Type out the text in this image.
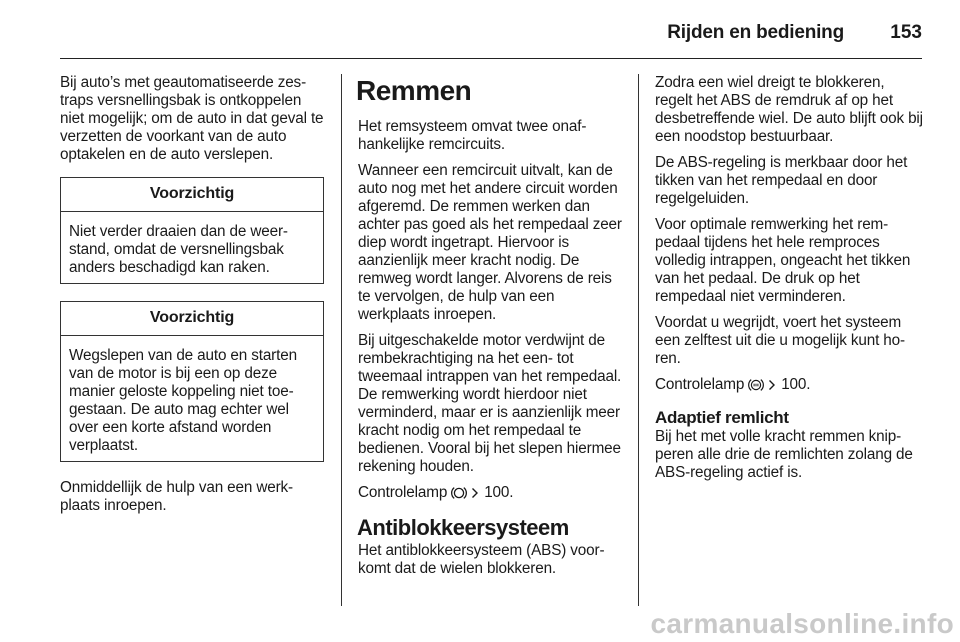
Rijden en bediening 153

Bij auto’s met geautomatiseerde zestraps versnellingsbak is ontkoppelen niet mogelijk; om de auto in dat geval te verzetten de voorkant van de auto optakelen en de auto verslepen.

Voorzichtig

Niet verder draaien dan de weerstand, omdat de versnellingsbak anders beschadigd kan raken.

Voorzichtig

Wegslepen van de auto en starten van de motor is bij een op deze manier geloste koppeling niet toegestaan. De auto mag echter wel over een korte afstand worden verplaatst.

Onmiddellijk de hulp van een werkplaats inroepen.

Remmen

Het remsysteem omvat twee onafhankelijke remcircuits.

Wanneer een remcircuit uitvalt, kan de auto nog met het andere circuit worden afgeremd. De remmen werken dan achter pas goed als het rempedaal zeer diep wordt ingetrapt. Hiervoor is aanzienlijk meer kracht nodig. De remweg wordt langer. Alvorens de reis te vervolgen, de hulp van een werkplaats inroepen.

Bij uitgeschakelde motor verdwijnt de rembekrachtiging na het een- tot tweemaal intrappen van het rempedaal. De remwerking wordt hierdoor niet verminderd, maar er is aanzienlijk meer kracht nodig om het rempedaal te bedienen. Vooral bij het slepen hiermee rekening houden.

Controlelamp 100.

Antiblokkeersysteem

Het antiblokkeersysteem (ABS) voorkomt dat de wielen blokkeren.

Zodra een wiel dreigt te blokkeren, regelt het ABS de remdruk af op het desbetreffende wiel. De auto blijft ook bij een noodstop bestuurbaar.

De ABS-regeling is merkbaar door het tikken van het rempedaal en door regelgeluiden.

Voor optimale remwerking het rempedaal tijdens het hele remproces volledig intrappen, ongeacht het tikken van het pedaal. De druk op het rempedaal niet verminderen.

Voordat u wegrijdt, voert het systeem een zelftest uit die u mogelijk kunt horen.

Controlelamp 100.

Adaptief remlicht

Bij het met volle kracht remmen knipperen alle drie de remlichten zolang de ABS-regeling actief is.

carmanualsonline.info
